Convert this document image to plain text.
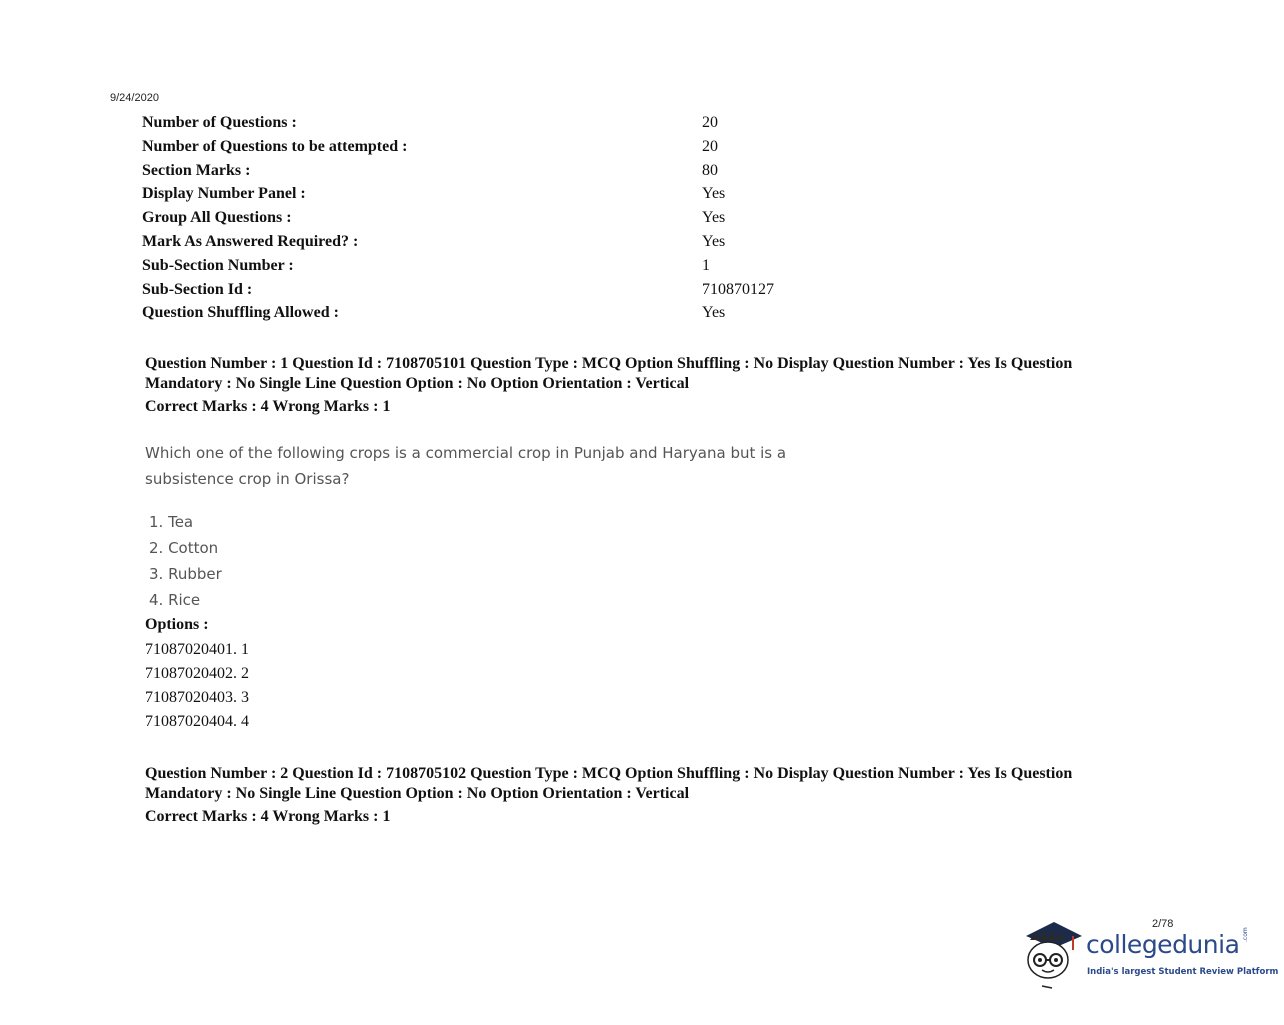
9/24/2020
Number of Questions :	20
Number of Questions to be attempted :	20
Section Marks :	80
Display Number Panel :	Yes
Group All Questions :	Yes
Mark As Answered Required? :	Yes
Sub-Section Number :	1
Sub-Section Id :	710870127
Question Shuffling Allowed :	Yes
Question Number : 1 Question Id : 7108705101 Question Type : MCQ Option Shuffling : No Display Question Number : Yes Is Question
Mandatory : No Single Line Question Option : No Option Orientation : Vertical
Correct Marks : 4 Wrong Marks : 1
Which one of the following crops is a commercial crop in Punjab and Haryana but is a
subsistence crop in Orissa?
1. Tea
2. Cotton
3. Rubber
4. Rice
Options :
71087020401. 1
71087020402. 2
71087020403. 3
71087020404. 4
Question Number : 2 Question Id : 7108705102 Question Type : MCQ Option Shuffling : No Display Question Number : Yes Is Question
Mandatory : No Single Line Question Option : No Option Orientation : Vertical
Correct Marks : 4 Wrong Marks : 1
2/78
collegedunia .com
India's largest Student Review Platform
